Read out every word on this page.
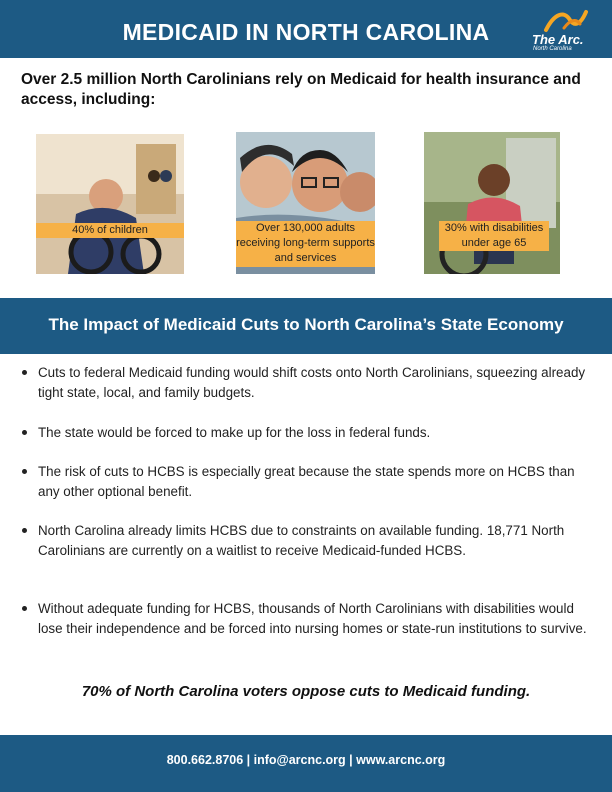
MEDICAID IN NORTH CAROLINA	The Arc.
North Carolina
Over 2.5 million North Carolinians rely on Medicaid for health insurance and access, including:
40% of children	Over 130,000 adults receiving long-term supports and services
30% with disabilities under age 65
The Impact of Medicaid Cuts to North Carolina’s State Economy
Cuts to federal Medicaid funding would shift costs onto North Carolinians, squeezing already tight state, local, and family budgets.
The state would be forced to make up for the loss in federal funds.
The risk of cuts to HCBS is especially great because the state spends more on HCBS than any other optional benefit.
North Carolina already limits HCBS due to constraints on available funding. 18,771 North Carolinians are currently on a waitlist to receive Medicaid-funded HCBS.
Without adequate funding for HCBS, thousands of North Carolinians with disabilities would lose their independence and be forced into nursing homes or state-run institutions to survive.
70% of North Carolina voters oppose cuts to Medicaid funding.
800.662.8706 | info@arcnc.org | www.arcnc.org
